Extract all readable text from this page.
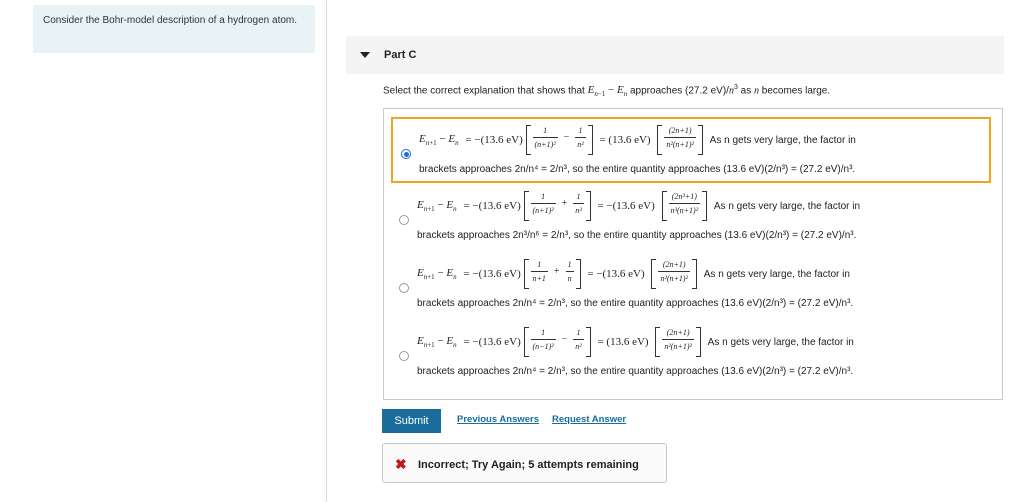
Consider the Bohr-model description of a hydrogen atom.
Part C
Select the correct explanation that shows that $E_{n-1} - E_n$ approaches (27.2 $eV)/n^3$ as n becomes large.
$E_{n+1} - E_n = -(13.6$ $eV) \frac{1}{\text{(n+1)²}} - \frac{1}{\text{n²}} = (13.6$ $eV) \frac{(2n+1)}{\text{n²(n+1)²}}$ As n gets very large, the factor in
brackets approaches 2n/n⁴ = 2/n³, so the entire quantity approaches (13.6 eV)(2/n³) = (27.2 eV)/n³.
$E_{n+1} - E_n = -(13.6$ $eV) \frac{1}{\text{(n+1)²}} + \frac{1}{\text{n³}} = -(13.6$ $eV) \frac{\text{(2n³+1)}}{\text{n³(n+1)²}}$ As n gets very large, the factor in
brackets approaches 2n³/n⁶ = 2/n³, so the entire quantity approaches (13.6 eV)(2/n³) = (27.2 eV)/n³.
$E_{n+1} - E_n = -(13.6$ $eV) \frac{1}{n+1} + \frac{1}{n} = -(13.6$ $eV) \frac{(2n+1)}{\text{n²(n+1)²}}$ As n gets very large, the factor in
brackets approaches 2n/n⁴ = 2/n³, so the entire quantity approaches (13.6 eV)(2/n³) = (27.2 eV)/n³.
$E_{n+1} - E_n = -(13.6$ $eV) \frac{1}{\text{(n−1)²}} - \frac{1}{\text{n²}} = (13.6$ $eV) \frac{(2n+1)}{\text{n²(n+1)²}}$ As n gets very large, the factor in
brackets approaches 2n/n⁴ = 2/n³, so the entire quantity approaches (13.6 eV)(2/n³) = (27.2 eV)/n³.
Submit	Previous Answers Request Answer
✖ Incorrect; Try Again; 5 attempts remaining
